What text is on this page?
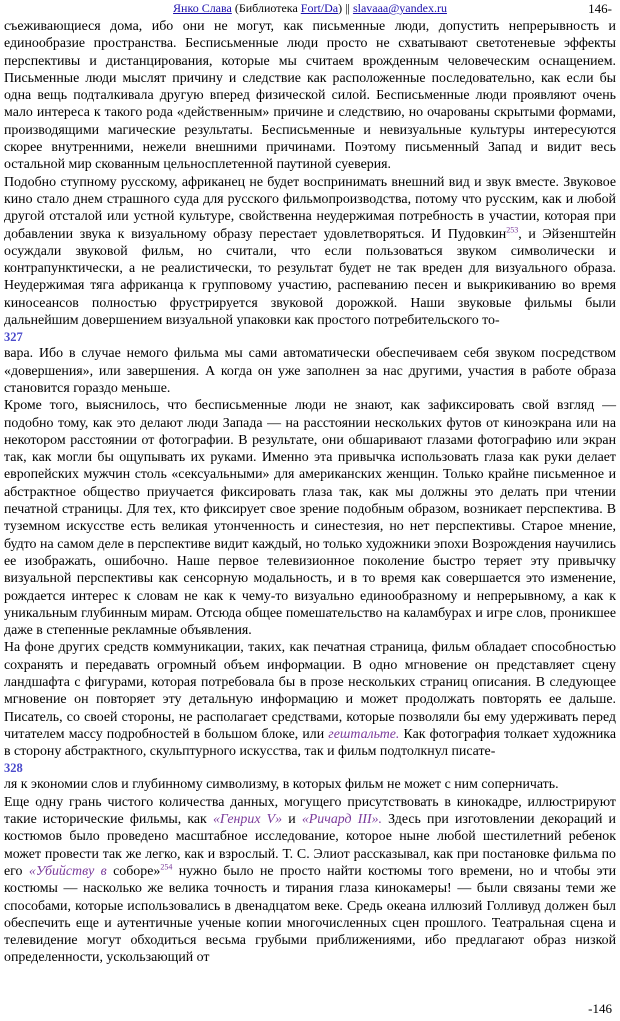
Янко Слава (Библиотека Fort/Da) || slavaaa@yandex.ru	146-

съеживающиеся дома, ибо они не могут, как письменные люди, допустить непрерывность и единообразие пространства. Бесписьменные люди просто не схватывают светотеневые эффекты перспективы и дистанцирования, которые мы считаем врожденным человеческим оснащением. Письменные люди мыслят причину и следствие как расположенные последовательно, как если бы одна вещь подталкивала другую вперед физической силой. Бесписьменные люди проявляют очень мало интереса к такого рода «действенным» причине и следствию, но очарованы скрытыми формами, производящими магические результаты. Бесписьменные и невизуальные культуры интересуются скорее внутренними, нежели внешними причинами. Поэтому письменный Запад и видит весь остальной мир скованным цельносплетенной паутиной суеверия.

Подобно ступному русскому, африканец не будет воспринимать внешний вид и звук вместе. Звуковое кино стало днем страшного суда для русского фильмопроизводства, потому что русским, как и любой другой отсталой или устной культуре, свойственна неудержимая потребность в участии, которая при добавлении звука к визуальному образу перестает удовлетворяться. И Пудовкин$^{253}$, и Эйзенштейн осуждали звуковой фильм, но считали, что если пользоваться звуком символически и контрапунктически, а не реалистически, то результат будет не так вреден для визуального образа. Неудержимая тяга африканца к групповому участию, распеванию песен и выкрикиванию во время киносеансов полностью фрустрируется звуковой дорожкой. Наши звуковые фильмы были дальнейшим довершением визуальной упаковки как простого потребительского то-

327

вара. Ибо в случае немого фильма мы сами автоматически обеспечиваем себя звуком посредством «довершения», или завершения. А когда он уже заполнен за нас другими, участия в работе образа становится гораздо меньше.

Кроме того, выяснилось, что бесписьменные люди не знают, как зафиксировать свой взгляд — подобно тому, как это делают люди Запада — на расстоянии нескольких футов от киноэкрана или на некотором расстоянии от фотографии. В результате, они обшаривают глазами фотографию или экран так, как могли бы ощупывать их руками. Именно эта привычка использовать глаза как руки делает европейских мужчин столь «сексуальными» для американских женщин. Только крайне письменное и абстрактное общество приучается фиксировать глаза так, как мы должны это делать при чтении печатной страницы. Для тех, кто фиксирует свое зрение подобным образом, возникает перспектива. В туземном искусстве есть великая утонченность и синестезия, но нет перспективы. Старое мнение, будто на самом деле в перспективе видит каждый, но только художники эпохи Возрождения научились ее изображать, ошибочно. Наше первое телевизионное поколение быстро теряет эту привычку визуальной перспективы как сенсорную модальность, и в то время как совершается это изменение, рождается интерес к словам не как к чему-то визуально единообразному и непрерывному, а как к уникальным глубинным мирам. Отсюда общее помешательство на каламбурах и игре слов, проникшее даже в степенные рекламные объявления.

На фоне других средств коммуникации, таких, как печатная страница, фильм обладает способностью сохранять и передавать огромный объем информации. В одно мгновение он представляет сцену ландшафта с фигурами, которая потребовала бы в прозе нескольких страниц описания. В следующее мгновение он повторяет эту детальную информацию и может продолжать повторять ее дальше. Писатель, со своей стороны, не располагает средствами, которые позволяли бы ему удерживать перед читателем массу подробностей в большом блоке, или гештальте. Как фотография толкает художника в сторону абстрактного, скульптурного искусства, так и фильм подтолкнул писате-

328

ля к экономии слов и глубинному символизму, в которых фильм не может с ним соперничать.

Еще одну грань чистого количества данных, могущего присутствовать в кинокадре, иллюстрируют такие исторические фильмы, как «Генрих V» и «Ричард III». Здесь при изготовлении декораций и костюмов было проведено масштабное исследование, которое ныне любой шестилетний ребенок может провести так же легко, как и взрослый. Т. С. Элиот рассказывал, как при постановке фильма по его «Убийству в соборе»$^{254}$ нужно было не просто найти костюмы того времени, но и чтобы эти костюмы — насколько же велика точность и тирания глаза кинокамеры! — были связаны теми же способами, которые использовались в двенадцатом веке. Средь океана иллюзий Голливуд должен был обеспечить еще и аутентичные ученые копии многочисленных сцен прошлого. Театральная сцена и телевидение могут обходиться весьма грубыми приближениями, ибо предлагают образ низкой определенности, ускользающий от

-146
